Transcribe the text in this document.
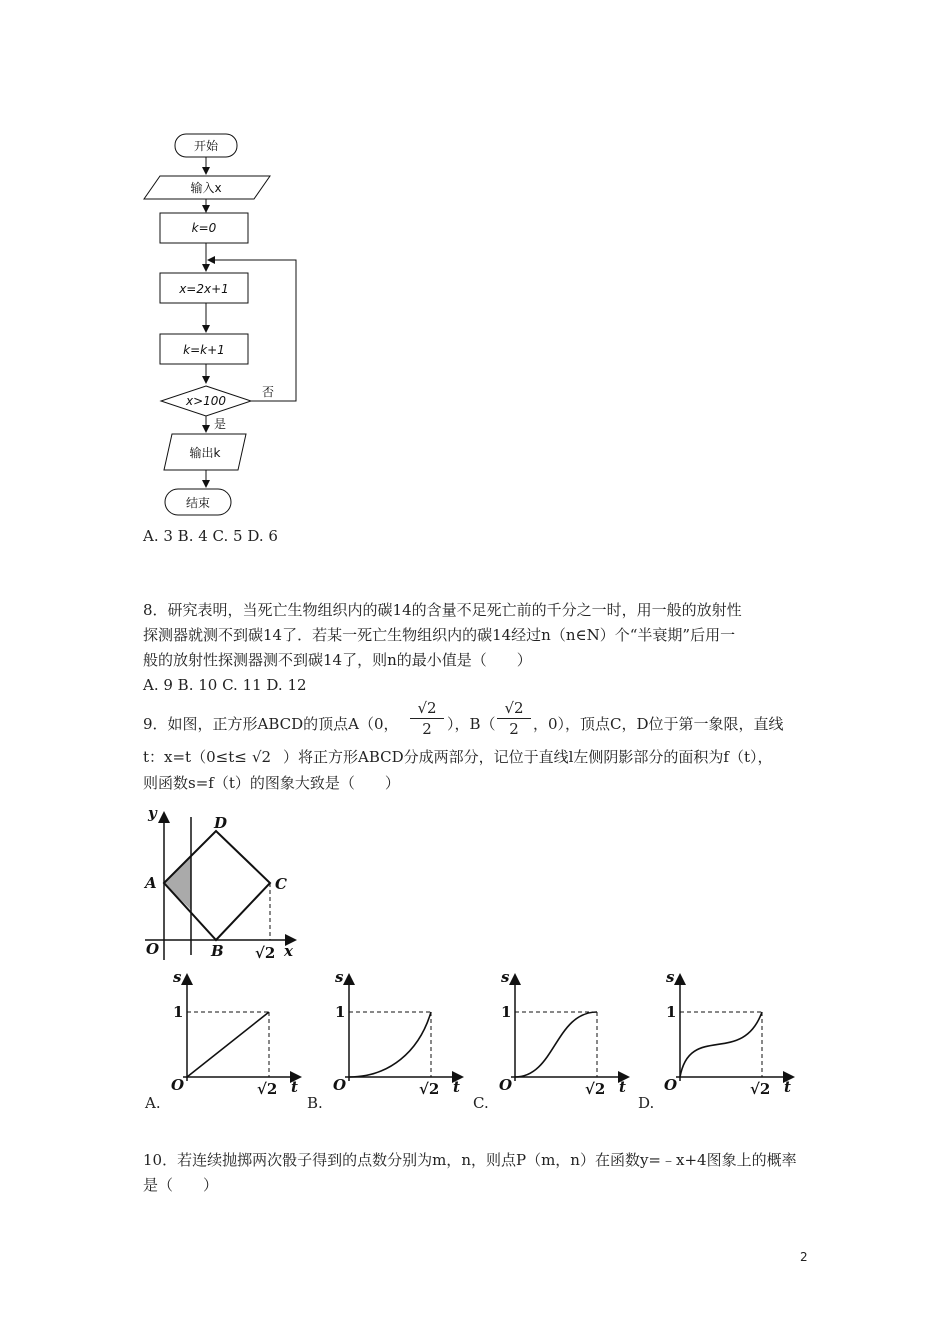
开始
输入x
k=0
x=2x+1
k=k+1
x>100
否
是
输出k
结束
A. 3 B. 4 C. 5 D. 6
8．研究表明，当死亡生物组织内的碳14的含量不足死亡前的千分之一时，用一般的放射性
探测器就测不到碳14了．若某一死亡生物组织内的碳14经过n（n∈N）个“半衰期”后用一
般的放射性探测器测不到碳14了，则n的最小值是（　　）
A. 9 B. 10 C. 11 D. 12
9．如图，正方形ABCD的顶点A（0，
√2
2	），B（
√2
2 ，0），顶点C，D位于第一象限，直线
t：x=t（0≤t≤ √2 ）将正方形ABCD分成两部分，记位于直线l左侧阴影部分的面积为f（t），
则函数s=f（t）的图象大致是（　　）
y
x
O
A
B
C
D
√2
s
t
O
1
√2
A.
s
t
O
1
√2
B.
s
t
O
1
√2
C.
s
t
O
1
√2
D.
10．若连续抛掷两次骰子得到的点数分别为m，n，则点P（m，n）在函数y=﹣x+4图象上的概率
是（　　）
2
